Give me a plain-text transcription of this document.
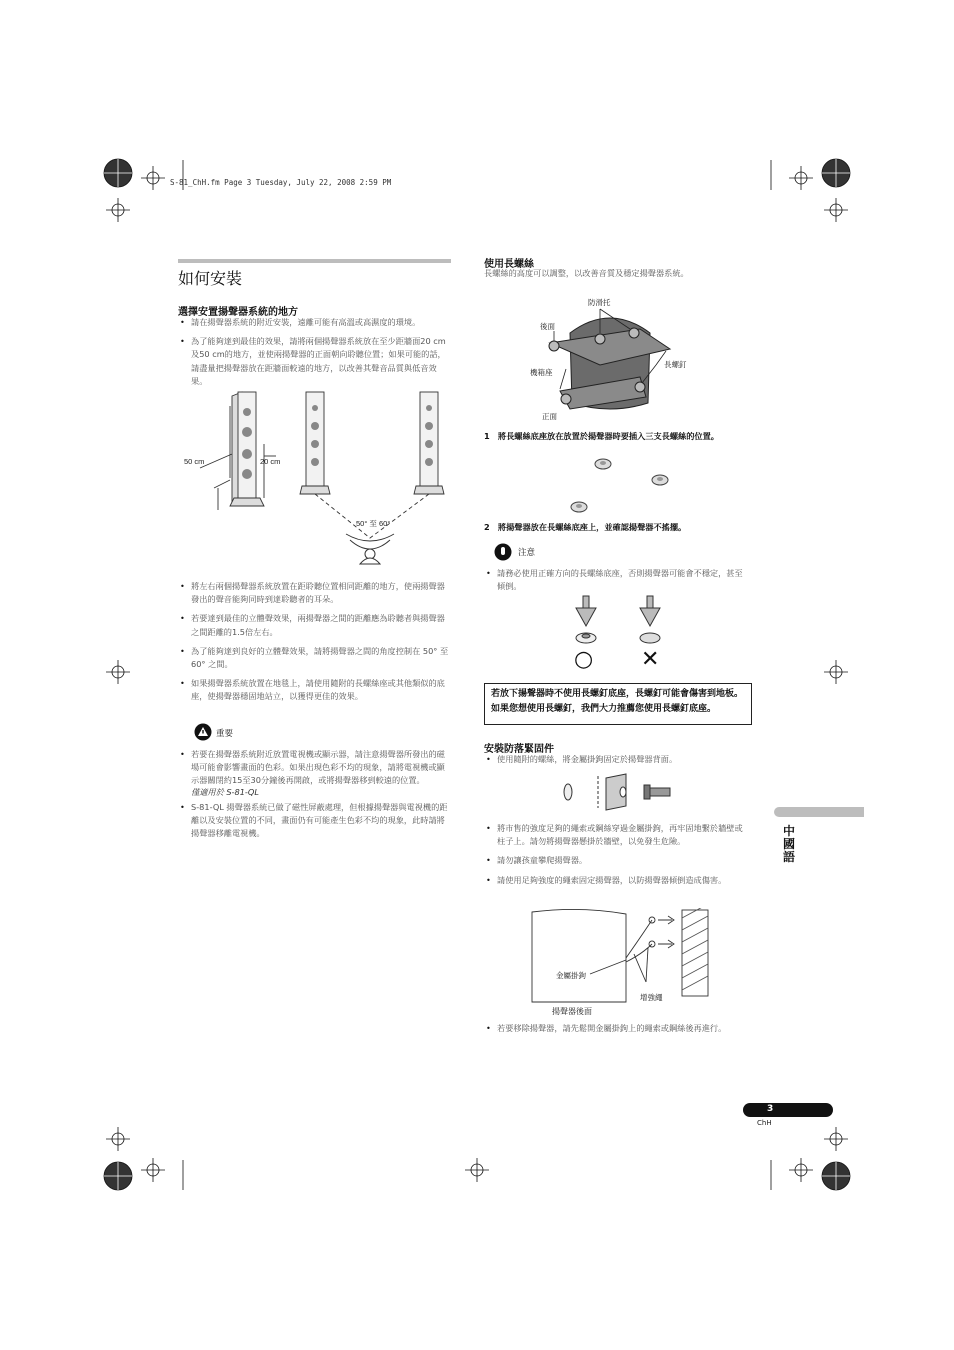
S-81_ChH.fm Page 3 Tuesday, July 22, 2008 2:59 PM
如何安裝
選擇安置揚聲器系統的地方
• 請在揚聲器系統的附近安裝，遠離可能有高溫或高濕度的環境。
• 為了能夠達到最佳的效果，請將兩個揚聲器系統放在至少距牆面20 cm及50 cm的地方，並使兩揚聲器的正面朝向聆聽位置；如果可能的話，請盡量把揚聲器放在距牆面較遠的地方，以改善其聲音品質與低音效果。
50 cm	20 cm
50° 至 60°
• 將左右兩個揚聲器系統放置在距聆聽位置相同距離的地方，使兩揚聲器發出的聲音能夠同時到達聆聽者的耳朵。
• 若要達到最佳的立體聲效果，兩揚聲器之間的距離應為聆聽者與揚聲器之間距離的1.5倍左右。
• 為了能夠達到良好的立體聲效果，請將揚聲器之間的角度控制在 50° 至 60° 之間。
• 如果揚聲器系統放置在地毯上，請使用隨附的長螺絲座或其他類似的底座，使揚聲器穩固地站立，以獲得更佳的效果。
重要
• 若要在揚聲器系統附近放置電視機或顯示器，請注意揚聲器所發出的磁場可能會影響畫面的色彩。如果出現色彩不均的現象，請將電視機或顯示器關閉約15至30分鐘後再開啟，或將揚聲器移到較遠的位置。
僅適用於 S-81-QL
• S-81-QL 揚聲器系統已做了磁性屏蔽處理，但根據揚聲器與電視機的距離以及安裝位置的不同，畫面仍有可能產生色彩不均的現象，此時請將揚聲器移離電視機。
使用長螺絲
長螺絲的高度可以調整，以改善音質及穩定揚聲器系統。
防滑托
後面
長螺釘
機箱座
正面
1　將長螺絲底座放在放置於揚聲器時要插入三支長螺絲的位置。
2　將揚聲器放在長螺絲底座上，並確認揚聲器不搖擺。
注意
• 請務必使用正確方向的長螺絲底座，否則揚聲器可能會不穩定，甚至傾倒。
○ ✕
若放下揚聲器時不使用長螺釘底座，長螺釘可能會傷害到地板。如果您想使用長螺釘，我們大力推薦您使用長螺釘底座。
安裝防落緊固件
• 使用隨附的螺絲，將金屬掛鉤固定於揚聲器背面。
• 將市售的強度足夠的繩索或鋼絲穿過金屬掛鉤，再牢固地繫於牆壁或柱子上。請勿將揚聲器懸掛於牆壁，以免發生危險。
• 請勿讓孩童攀爬揚聲器。
• 請使用足夠強度的繩索固定揚聲器，以防揚聲器傾倒造成傷害。
金屬掛鉤
增強繩
揚聲器後面
• 若要移除揚聲器，請先鬆開金屬掛鉤上的繩索或鋼絲後再進行。
中國語
3
ChH
